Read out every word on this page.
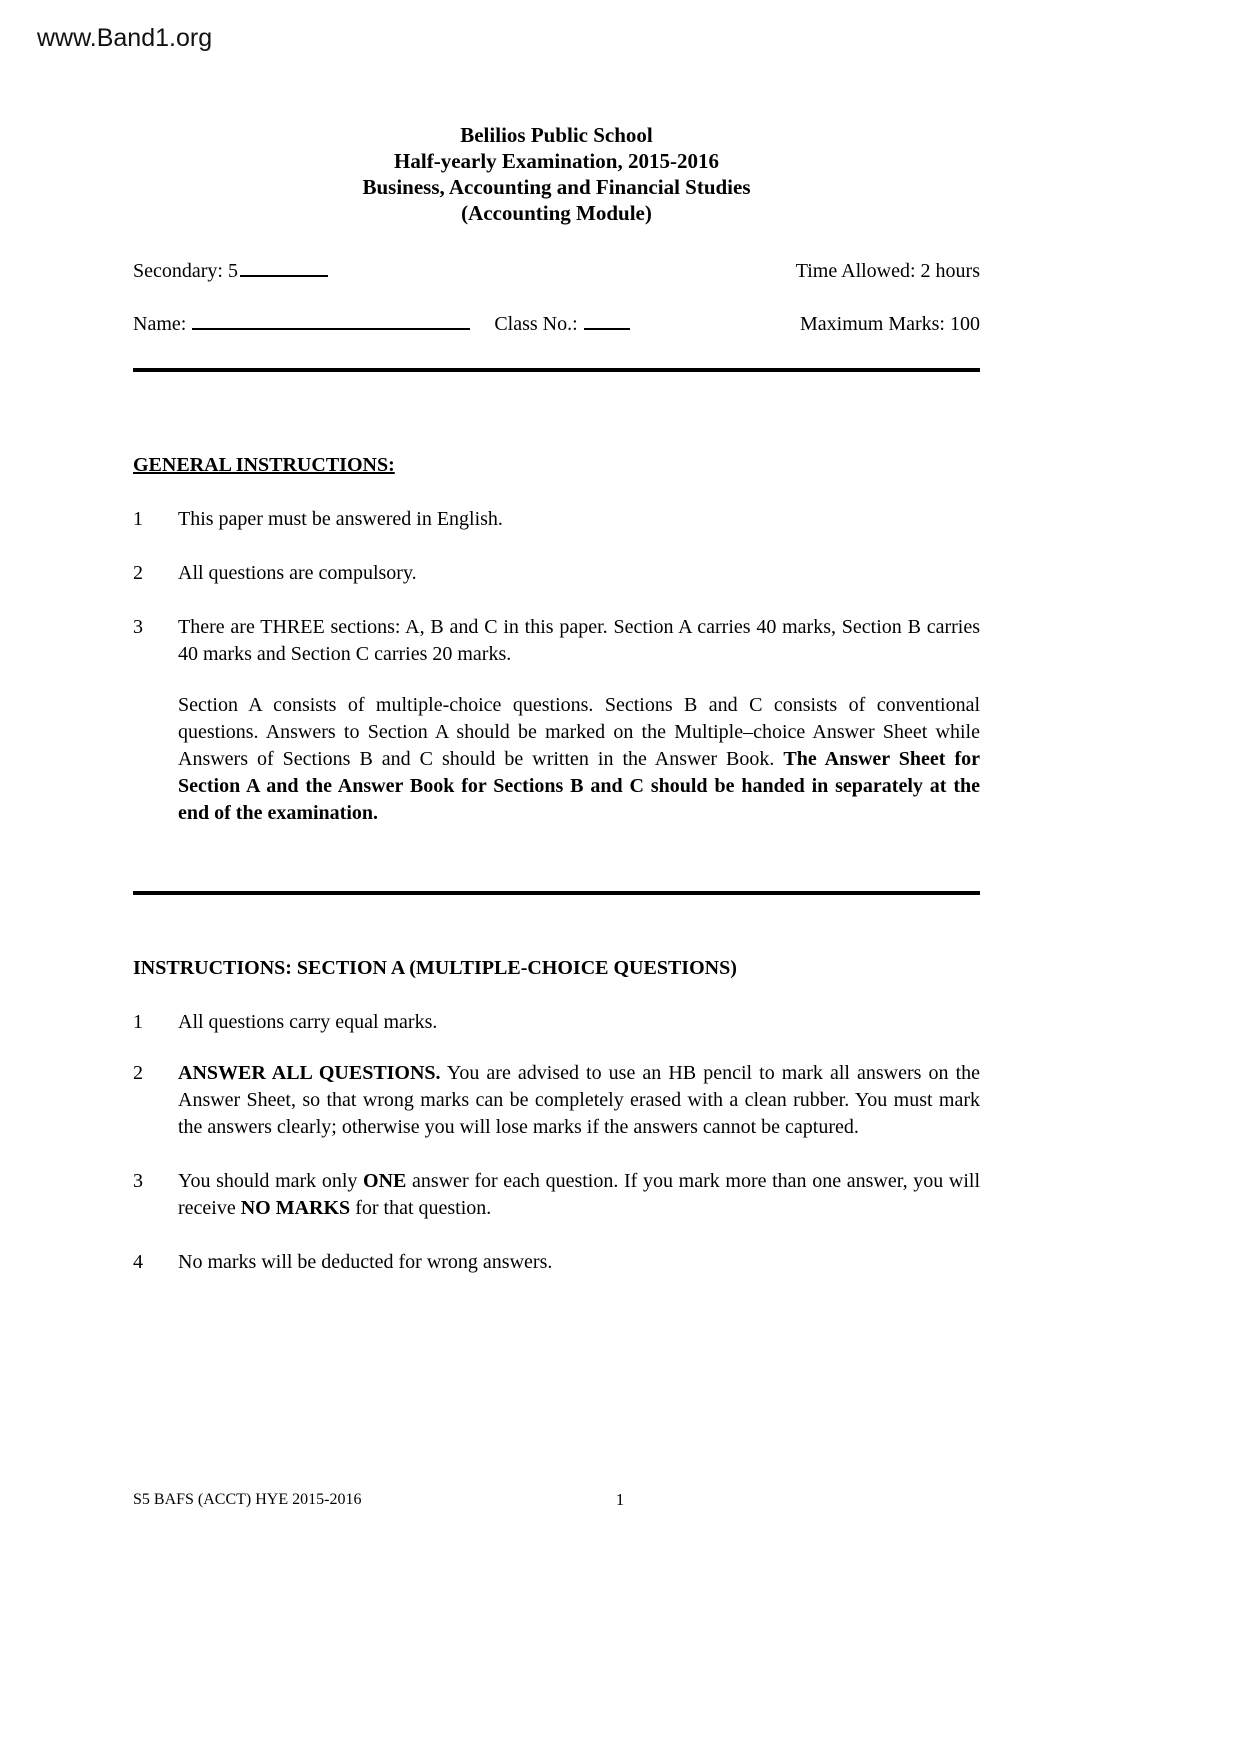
www.Band1.org
Belilios Public School
Half-yearly Examination, 2015-2016
Business, Accounting and Financial Studies
(Accounting Module)
Secondary: 5	Time Allowed: 2 hours
Name:	Class No.:	Maximum Marks: 100
GENERAL INSTRUCTIONS:
1	This paper must be answered in English.
2	All questions are compulsory.
3	There are THREE sections: A, B and C in this paper. Section A carries 40 marks, Section B carries 40 marks and Section C carries 20 marks.
Section A consists of multiple-choice questions. Sections B and C consists of conventional questions. Answers to Section A should be marked on the Multiple–choice Answer Sheet while Answers of Sections B and C should be written in the Answer Book. The Answer Sheet for Section A and the Answer Book for Sections B and C should be handed in separately at the end of the examination.
INSTRUCTIONS: SECTION A (MULTIPLE-CHOICE QUESTIONS)
1	All questions carry equal marks.
2	ANSWER ALL QUESTIONS. You are advised to use an HB pencil to mark all answers on the Answer Sheet, so that wrong marks can be completely erased with a clean rubber. You must mark the answers clearly; otherwise you will lose marks if the answers cannot be captured.
3	You should mark only ONE answer for each question. If you mark more than one answer, you will receive NO MARKS for that question.
4	No marks will be deducted for wrong answers.
1
S5 BAFS (ACCT) HYE 2015-2016
